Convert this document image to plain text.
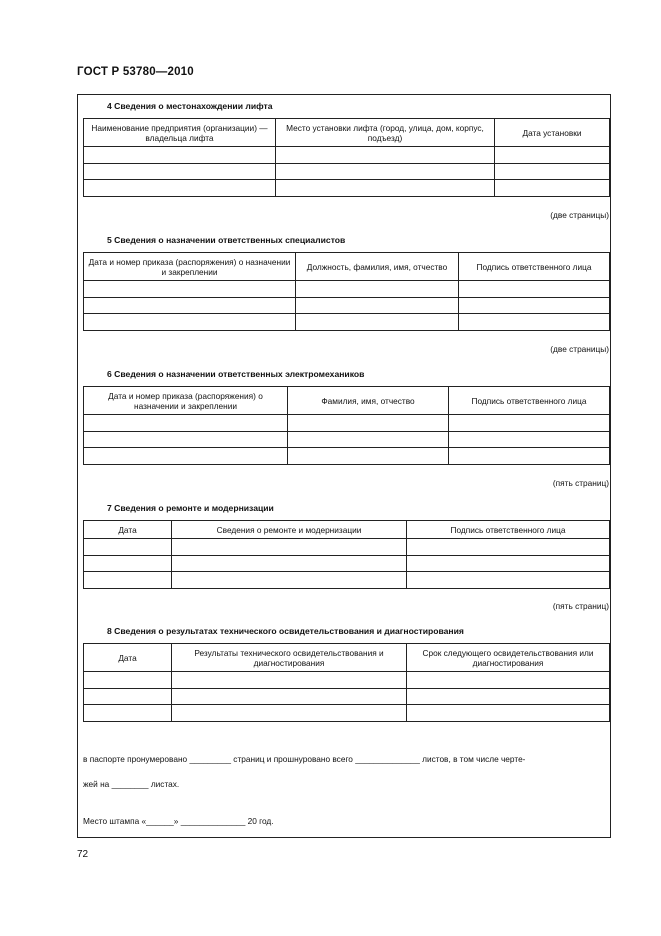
ГОСТ Р 53780—2010
4 Сведения о местонахождении лифта
Наименование предприятия (организации) — владельца лифта	Место установки лифта (город, улица, дом, корпус, подъезд)	Дата установки

(две страницы)
5 Сведения о назначении ответственных специалистов
Дата и номер приказа (распоряжения) о назначении и закреплении	Должность, фамилия, имя, отчество	Подпись ответственного лица

(две страницы)
6 Сведения о назначении ответственных электромехаников
Дата и номер приказа (распоряжения) о назначении и закреплении	Фамилия, имя, отчество	Подпись ответственного лица

(пять страниц)
7 Сведения о ремонте и модернизации
Дата	Сведения о ремонте и модернизации	Подпись ответственного лица

(пять страниц)
8 Сведения о результатах технического освидетельствования и диагностирования
Дата	Результаты технического освидетельствования и диагностирования	Срок следующего освидетельствования или диагностирования

в паспорте пронумеровано _________ страниц и прошнуровано всего ______________ листов, в том числе черте-
жей на ________ листах.
Место штампа «______» ______________ 20 год.
72
